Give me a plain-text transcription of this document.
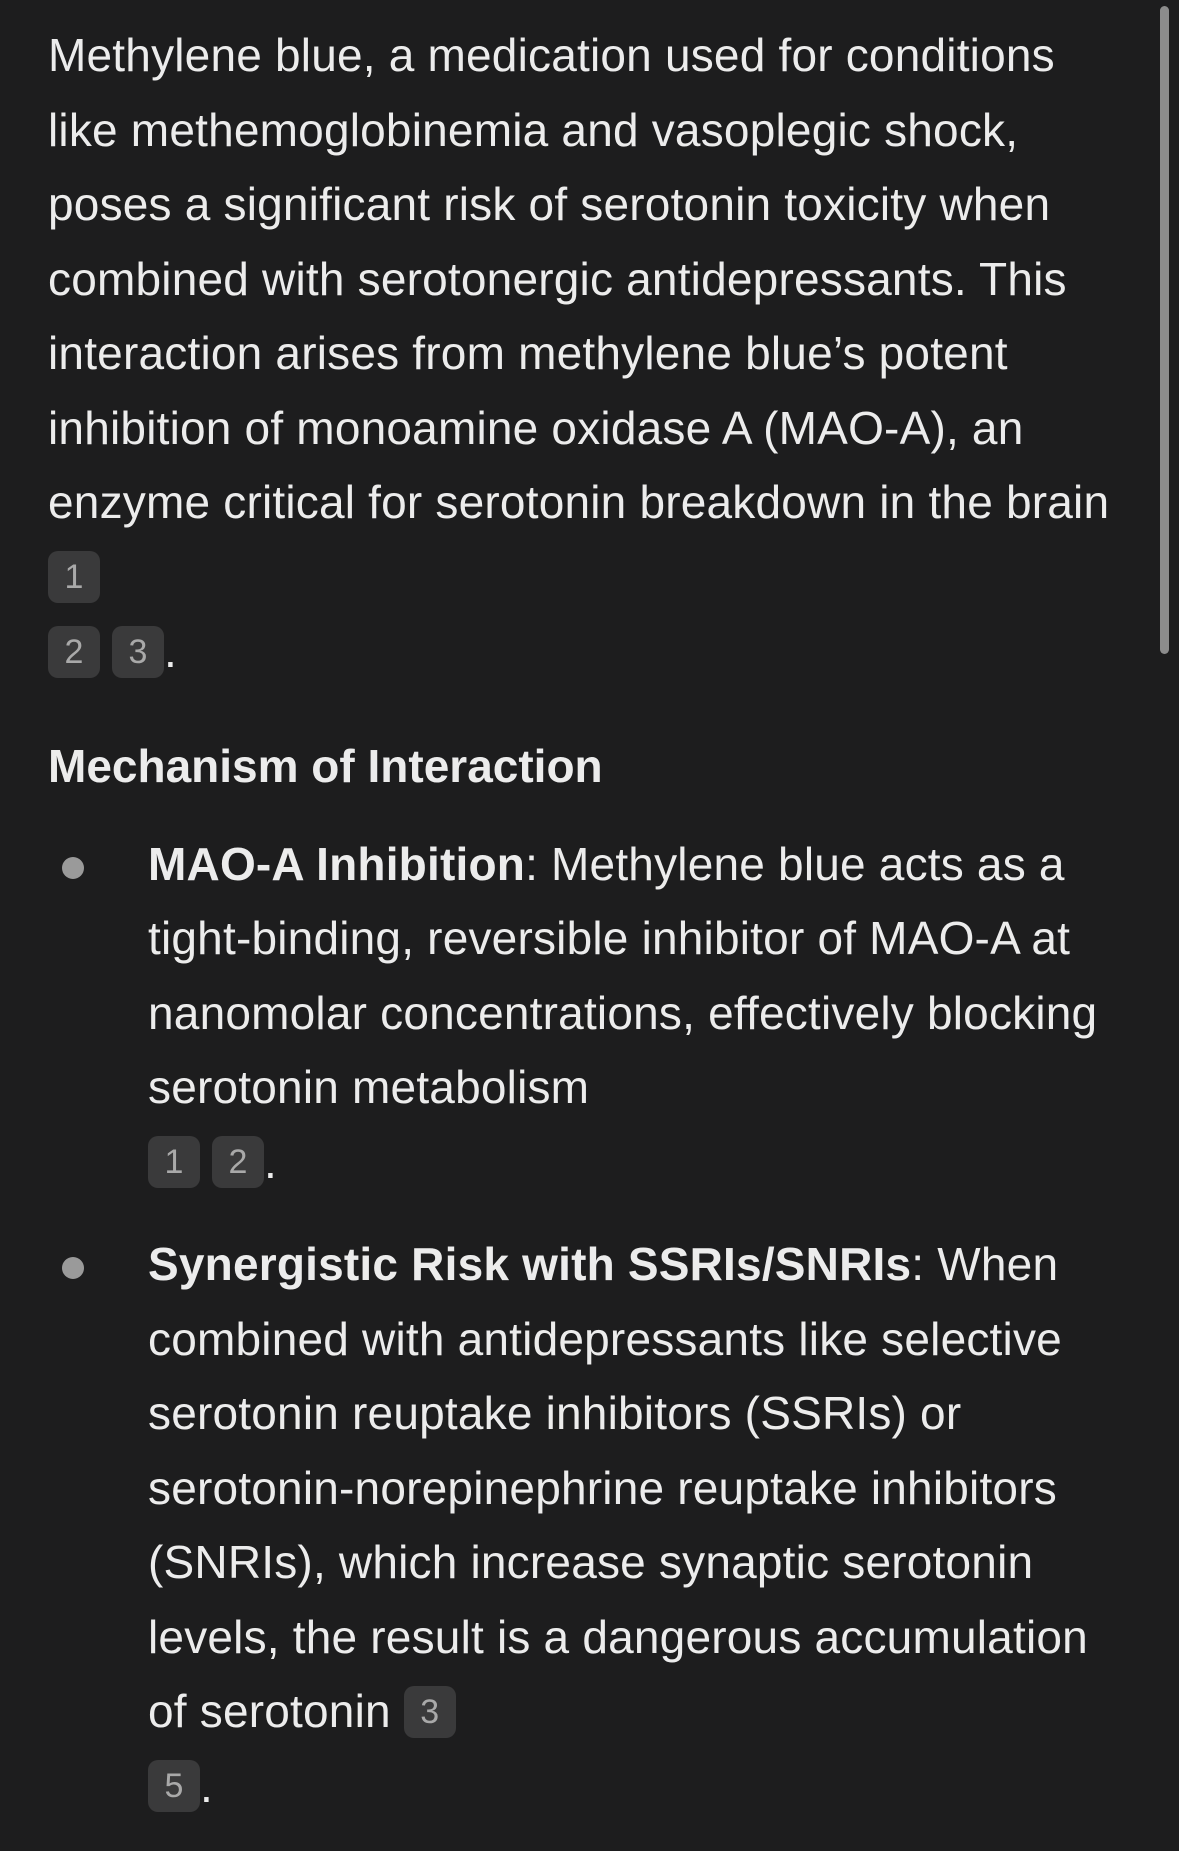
Methylene blue, a medication used for conditions like methemoglobinemia and vasoplegic shock, poses a significant risk of serotonin toxicity when combined with serotonergic antidepressants. This interaction arises from methylene blue’s potent inhibition of monoamine oxidase A (MAO-A), an enzyme critical for serotonin breakdown in the brain 1
2 3 .

Mechanism of Interaction
MAO-A Inhibition: Methylene blue acts as a tight-binding, reversible inhibitor of MAO-A at nanomolar concentrations, effectively blocking serotonin metabolism
1 2 .
Synergistic Risk with SSRIs/SNRIs: When combined with antidepressants like selective serotonin reuptake inhibitors (SSRIs) or serotonin-norepinephrine reuptake inhibitors (SNRIs), which increase synaptic serotonin levels, the result is a dangerous accumulation of serotonin 3
5 .
